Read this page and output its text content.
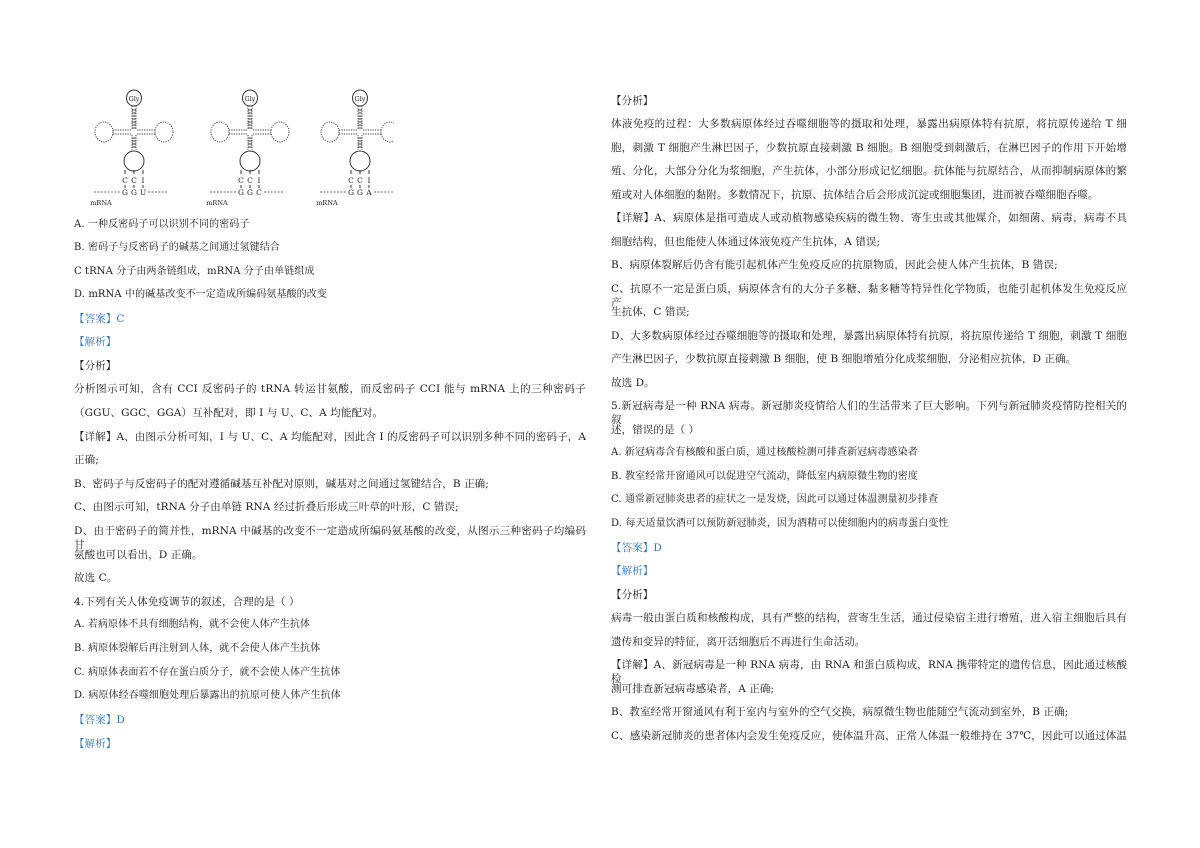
Gly
C
G
C
G
I
U
mRNA
Gly
C
G
C
G
I
C
mRNA
Gly
C
G
C
G
I
A
mRNA
A. 一种反密码子可以识别不同的密码子
B. 密码子与反密码子的碱基之间通过氢键结合
C tRNA 分子由两条链组成，mRNA 分子由单链组成
D. mRNA 中的碱基改变不一定造成所编码氨基酸的改变
【答案】C
【解析】
【分析】
分析图示可知，含有 CCI 反密码子的 tRNA 转运甘氨酸，而反密码子 CCI 能与 mRNA 上的三种密码子
（GGU、GGC、GGA）互补配对，即 I 与 U、C、A 均能配对。
【详解】A、由图示分析可知，I 与 U、C、A 均能配对，因此含 I 的反密码子可以识别多种不同的密码子，A
正确;
B、密码子与反密码子的配对遵循碱基互补配对原则，碱基对之间通过氢键结合，B 正确;
C、由图示可知，tRNA 分子由单链 RNA 经过折叠后形成三叶草的叶形，C 错误;
D、由于密码子的简并性，mRNA 中碱基的改变不一定造成所编码氨基酸的改变，从图示三种密码子均编码甘
氨酸也可以看出，D 正确。
故选 C。
4.下列有关人体免疫调节的叙述，合理的是（ ）
A. 若病原体不具有细胞结构，就不会使人体产生抗体
B. 病原体裂解后再注射到人体，就不会使人体产生抗体
C. 病原体表面若不存在蛋白质分子，就不会使人体产生抗体
D. 病原体经吞噬细胞处理后暴露出的抗原可使人体产生抗体
【答案】D
【解析】
【分析】
体液免疫的过程：大多数病原体经过吞噬细胞等的摄取和处理，暴露出病原体特有抗原，将抗原传递给 T 细
胞，刺激 T 细胞产生淋巴因子，少数抗原直接刺激 B 细胞。B 细胞受到刺激后，在淋巴因子的作用下开始增
殖、分化，大部分分化为浆细胞，产生抗体，小部分形成记忆细胞。抗体能与抗原结合，从而抑制病原体的繁
殖或对人体细胞的黏附。多数情况下，抗原、抗体结合后会形成沉淀或细胞集团，进而被吞噬细胞吞噬。
【详解】A、病原体是指可造成人或动植物感染疾病的微生物、寄生虫或其他媒介，如细菌、病毒，病毒不具
细胞结构，但也能使人体通过体液免疫产生抗体，A 错误;
B、病原体裂解后仍含有能引起机体产生免疫反应的抗原物质，因此会使人体产生抗体，B 错误;
C、抗原不一定是蛋白质，病原体含有的大分子多糖、黏多糖等特异性化学物质，也能引起机体发生免疫反应产
生抗体，C 错误;
D、大多数病原体经过吞噬细胞等的摄取和处理，暴露出病原体特有抗原，将抗原传递给 T 细胞，刺激 T 细胞
产生淋巴因子，少数抗原直接刺激 B 细胞，使 B 细胞增殖分化成浆细胞，分泌相应抗体，D 正确。
故选 D。
5.新冠病毒是一种 RNA 病毒。新冠肺炎疫情给人们的生活带来了巨大影响。下列与新冠肺炎疫情防控相关的叙
述，错误的是（ ）
A. 新冠病毒含有核酸和蛋白质，通过核酸检测可排查新冠病毒感染者
B. 教室经常开窗通风可以促进空气流动，降低室内病原微生物的密度
C. 通常新冠肺炎患者的症状之一是发烧，因此可以通过体温测量初步排查
D. 每天适量饮酒可以预防新冠肺炎，因为酒精可以使细胞内的病毒蛋白变性
【答案】D
【解析】
【分析】
病毒一般由蛋白质和核酸构成，具有严整的结构，营寄生生活，通过侵染宿主进行增殖，进入宿主细胞后具有
遗传和变异的特征，离开活细胞后不再进行生命活动。
【详解】A、新冠病毒是一种 RNA 病毒，由 RNA 和蛋白质构成，RNA 携带特定的遗传信息，因此通过核酸检
测可排查新冠病毒感染者，A 正确;
B、教室经常开窗通风有利于室内与室外的空气交换，病原微生物也能随空气流动到室外，B 正确;
C、感染新冠肺炎的患者体内会发生免疫反应，使体温升高，正常人体温一般维持在 37℃，因此可以通过体温
